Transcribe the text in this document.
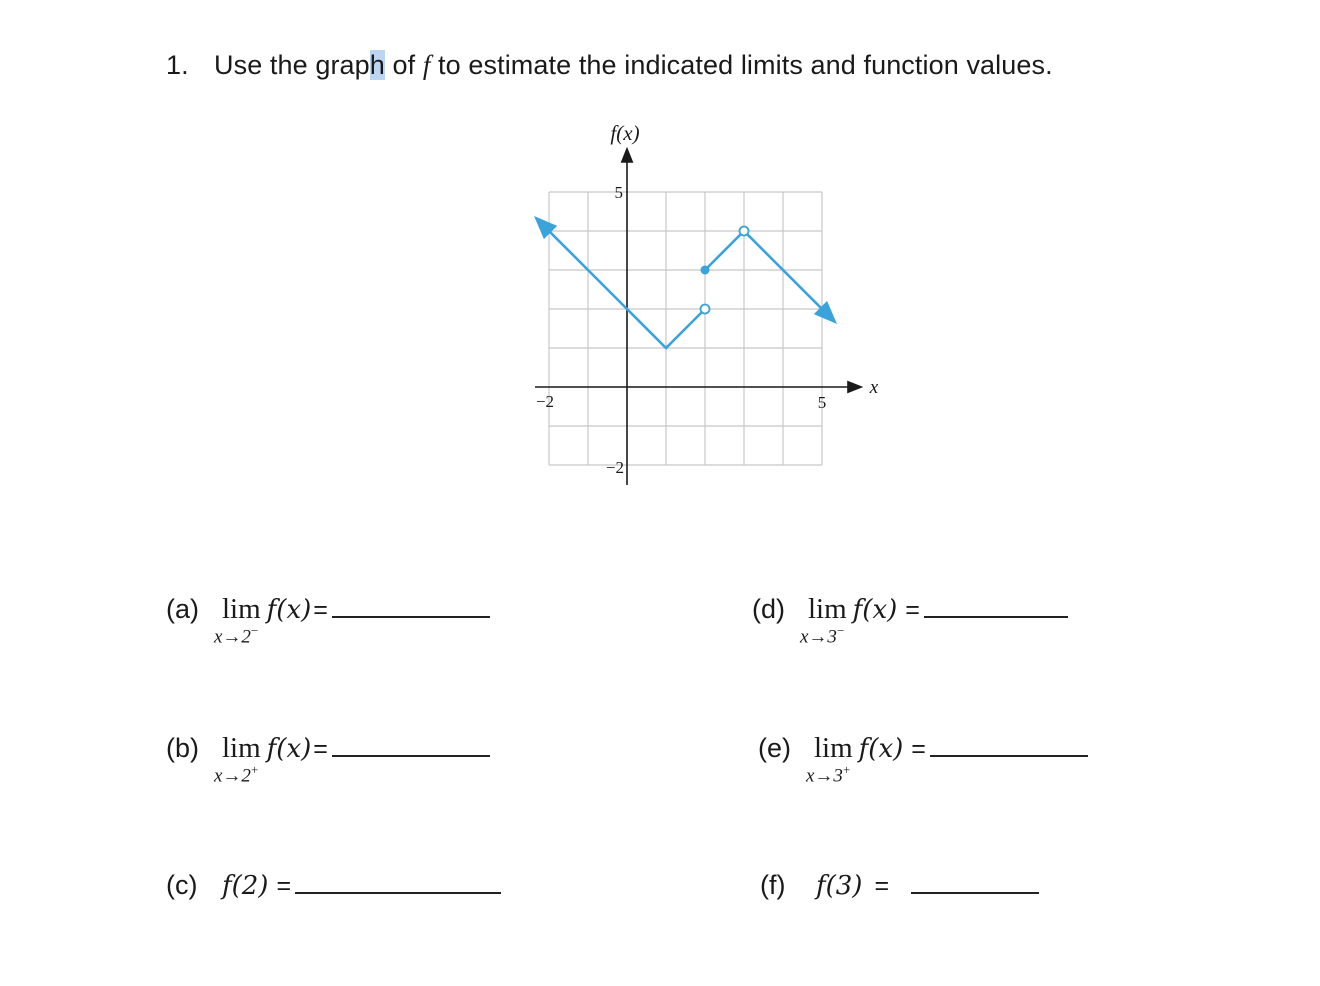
1. Use the graph of f to estimate the indicated limits and function values.
f(x)
x
−2	5
5
−2
(a) lim
x→2−
f(x)=
(b) lim
x→2+
f(x)=
(c) f(2) =
(d) lim
x→3−
f(x) =
(e) lim
x→3+
f(x) =
(f) f(3) =
